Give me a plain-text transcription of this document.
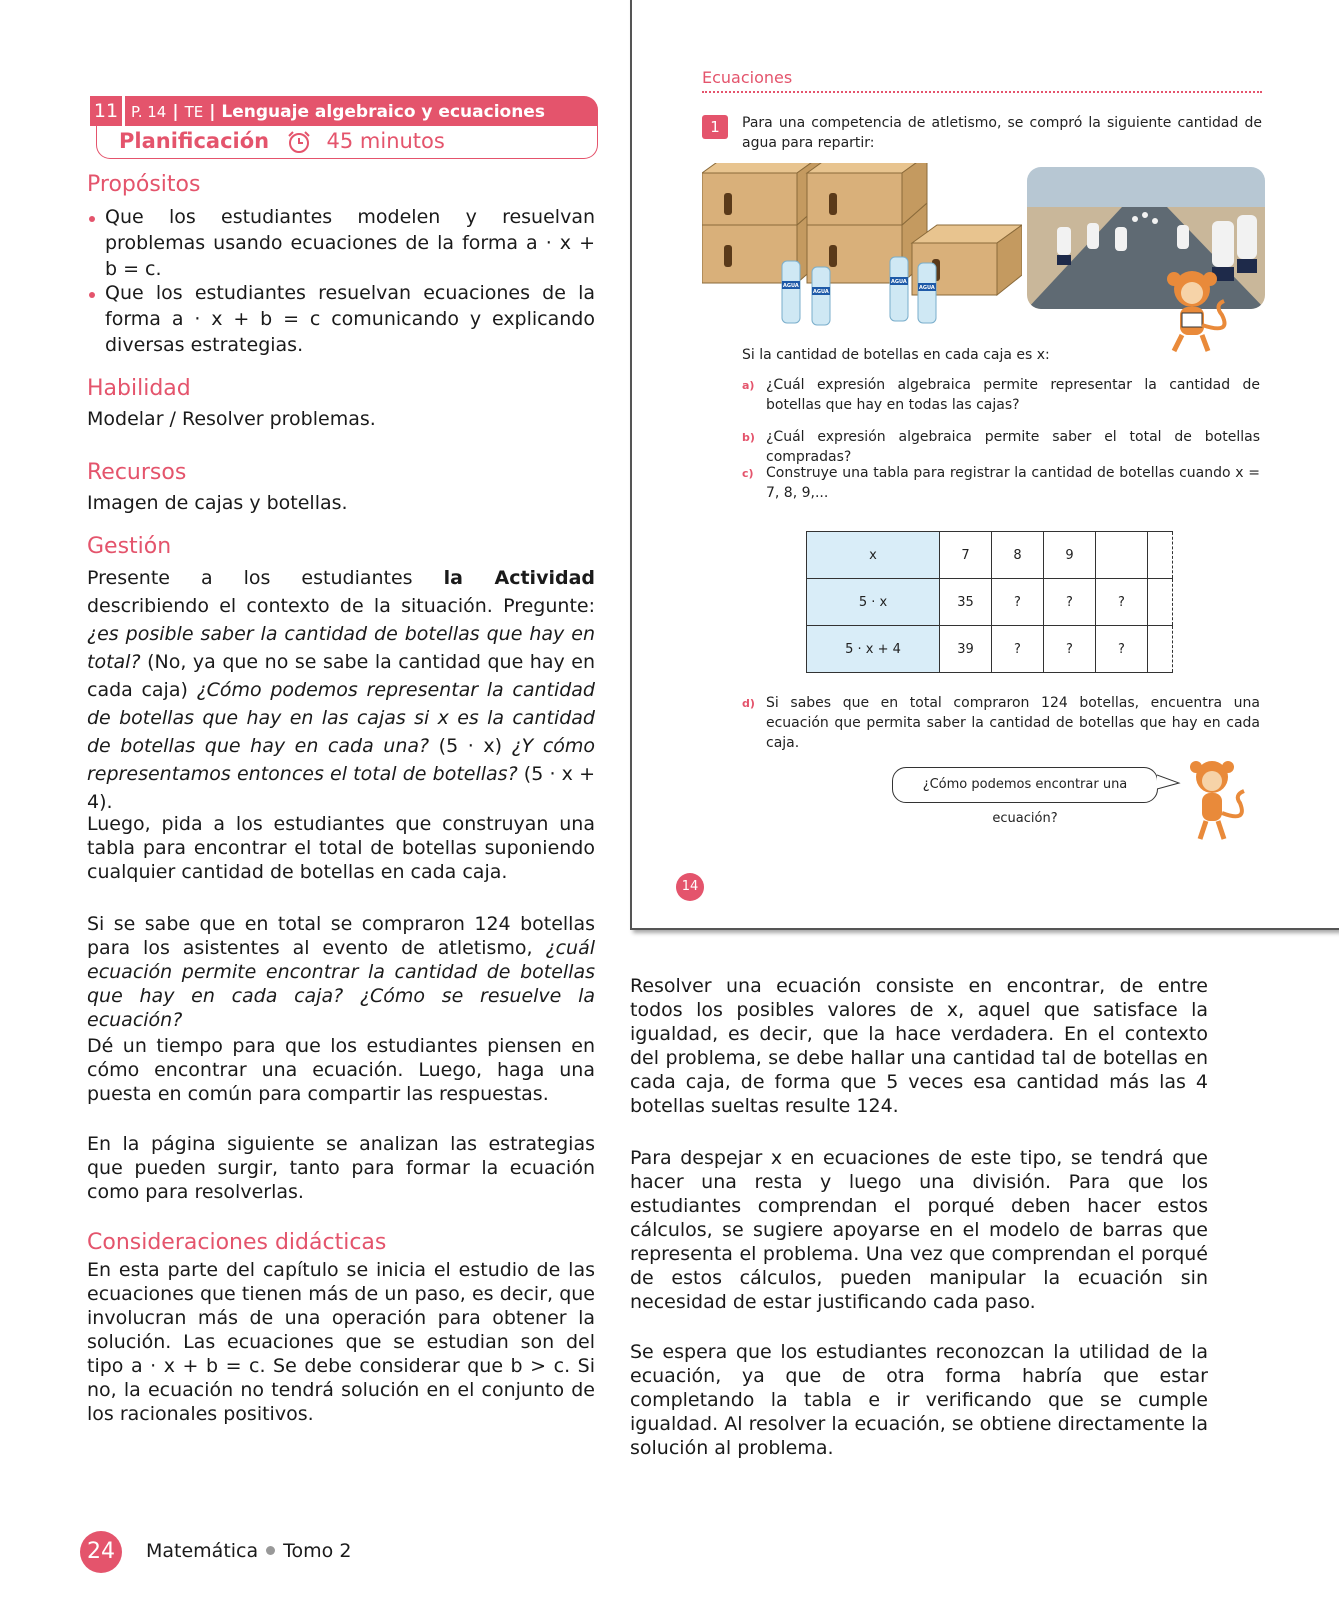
11 P. 14 | TE | Lenguaje algebraico y ecuaciones
Planificación	45 minutos
Propósitos
Que los estudiantes modelen y resuelvan problemas usando ecuaciones de la forma a · x + b = c.
Que los estudiantes resuelvan ecuaciones de la forma a · x + b = c comunicando y explicando diversas estrategias.
Habilidad
Modelar / Resolver problemas.
Recursos
Imagen de cajas y botellas.
Gestión
Presente a los estudiantes la Actividad describiendo el contexto de la situación. Pregunte: ¿es posible saber la cantidad de botellas que hay en total? (No, ya que no se sabe la cantidad que hay en cada caja) ¿Cómo podemos representar la cantidad de botellas que hay en las cajas si x es la cantidad de botellas que hay en cada una? (5 · x) ¿Y cómo representamos entonces el total de botellas? (5 · x + 4).
Luego, pida a los estudiantes que construyan una tabla para encontrar el total de botellas suponiendo cualquier cantidad de botellas en cada caja.
Si se sabe que en total se compraron 124 botellas para los asistentes al evento de atletismo, ¿cuál ecuación permite encontrar la cantidad de botellas que hay en cada caja? ¿Cómo se resuelve la ecuación?
Dé un tiempo para que los estudiantes piensen en cómo encontrar una ecuación. Luego, haga una puesta en común para compartir las respuestas.
En la página siguiente se analizan las estrategias que pueden surgir, tanto para formar la ecuación como para resolverlas.
Consideraciones didácticas
En esta parte del capítulo se inicia el estudio de las ecuaciones que tienen más de un paso, es decir, que involucran más de una operación para obtener la solución. Las ecuaciones que se estudian son del tipo a · x + b = c. Se debe considerar que b > c. Si no, la ecuación no tendrá solución en el conjunto de los racionales positivos.
24	Matemática Tomo 2
Ecuaciones
1	Para una competencia de atletismo, se compró la siguiente cantidad de agua para repartir:
AGUA
AGUA
AGUA
AGUA
Si la cantidad de botellas en cada caja es x:
a) ¿Cuál expresión algebraica permite representar la cantidad de botellas que hay en todas las cajas?
b) ¿Cuál expresión algebraica permite saber el total de botellas compradas?
c) Construye una tabla para registrar la cantidad de botellas cuando x = 7, 8, 9,...
x	7	8	9		
5 · x	35	?	?	?	
5 · x + 4	39	?	?	?	
d) Si sabes que en total compraron 124 botellas, encuentra una ecuación que permita saber la cantidad de botellas que hay en cada caja.
¿Cómo podemos encontrar una ecuación?
14
Resolver una ecuación consiste en encontrar, de entre todos los posibles valores de x, aquel que satisface la igualdad, es decir, que la hace verdadera. En el contexto del problema, se debe hallar una cantidad tal de botellas en cada caja, de forma que 5 veces esa cantidad más las 4 botellas sueltas resulte 124.
Para despejar x en ecuaciones de este tipo, se tendrá que hacer una resta y luego una división. Para que los estudiantes comprendan el porqué deben hacer estos cálculos, se sugiere apoyarse en el modelo de barras que representa el problema. Una vez que comprendan el porqué de estos cálculos, pueden manipular la ecuación sin necesidad de estar justificando cada paso.
Se espera que los estudiantes reconozcan la utilidad de la ecuación, ya que de otra forma habría que estar completando la tabla e ir verificando que se cumple igualdad. Al resolver la ecuación, se obtiene directamente la solución al problema.
